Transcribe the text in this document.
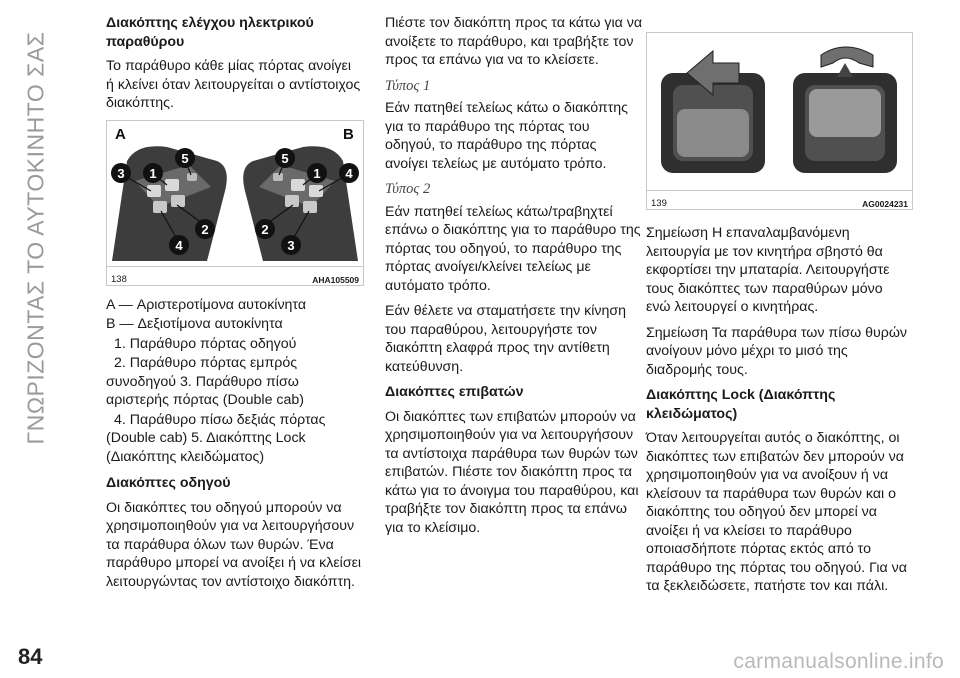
ΓΝΩΡΙΖΟΝΤΑΣ ΤΟ ΑΥΤΟΚΙΝΗΤΟ ΣΑΣ
Διακόπτης ελέγχου ηλεκτρικού παραθύρου

Το παράθυρο κάθε μίας πόρτας ανοίγει ή κλείνει όταν λειτουργείται ο αντίστοιχος διακόπτης.

3 1
5
2
4
4
1
5
2
3
A	B
138	AHA105509

A — Αριστεροτίμονα αυτοκίνητα

B — Δεξιοτίμονα αυτοκίνητα

1. Παράθυρο πόρτας οδηγού

2. Παράθυρο πόρτας εμπρός συνοδηγού 3. Παράθυρο πίσω αριστερής πόρτας (Double cab)

4. Παράθυρο πίσω δεξιάς πόρτας (Double cab) 5. Διακόπτης Lock (Διακόπτης κλειδώματος)

Διακόπτες οδηγού

Οι διακόπτες του οδηγού μπορούν να χρησιμοποιηθούν για να λειτουργήσουν τα παράθυρα όλων των θυρών. Ένα παράθυρο μπορεί να ανοίξει ή να κλείσει λειτουργώντας τον αντίστοιχο διακόπτη.

Πιέστε τον διακόπτη προς τα κάτω για να ανοίξετε το παράθυρο, και τραβήξτε τον προς τα επάνω για να το κλείσετε.

Τύπος 1

Εάν πατηθεί τελείως κάτω ο διακόπτης για το παράθυρο της πόρτας του οδηγού, το παράθυρο της πόρτας ανοίγει τελείως με αυτόματο τρόπο.

Τύπος 2

Εάν πατηθεί τελείως κάτω/τραβηχτεί επάνω ο διακόπτης για το παράθυρο της πόρτας του οδηγού, το παράθυρο της πόρτας ανοίγει/κλείνει τελείως με αυτόματο τρόπο.

Εάν θέλετε να σταματήσετε την κίνηση του παραθύρου, λειτουργήστε τον διακόπτη ελαφρά προς την αντίθετη κατεύθυνση.

Διακόπτες επιβατών

Οι διακόπτες των επιβατών μπορούν να χρησιμοποιηθούν για να λειτουργήσουν τα αντίστοιχα παράθυρα των θυρών των επιβατών. Πιέστε τον διακόπτη προς τα κάτω για το άνοιγμα του παραθύρου, και τραβήξτε τον διακόπτη προς τα επάνω για το κλείσιμο.

139	AG0024231

Σημείωση Η επαναλαμβανόμενη λειτουργία με τον κινητήρα σβηστό θα εκφορτίσει την μπαταρία. Λειτουργήστε τους διακόπτες των παραθύρων μόνο ενώ λειτουργεί ο κινητήρας.

Σημείωση Τα παράθυρα των πίσω θυρών ανοίγουν μόνο μέχρι το μισό της διαδρομής τους.

Διακόπτης Lock (Διακόπτης κλειδώματος)

Όταν λειτουργείται αυτός ο διακόπτης, οι διακόπτες των επιβατών δεν μπορούν να χρησιμοποιηθούν για να ανοίξουν ή να κλείσουν τα παράθυρα των θυρών και ο διακόπτης του οδηγού δεν μπορεί να ανοίξει ή να κλείσει το παράθυρο οποιασδήποτε πόρτας εκτός από το παράθυρο της πόρτας του οδηγού. Για να τα ξεκλειδώσετε, πατήστε τον και πάλι.

84	carmanualsonline.info
